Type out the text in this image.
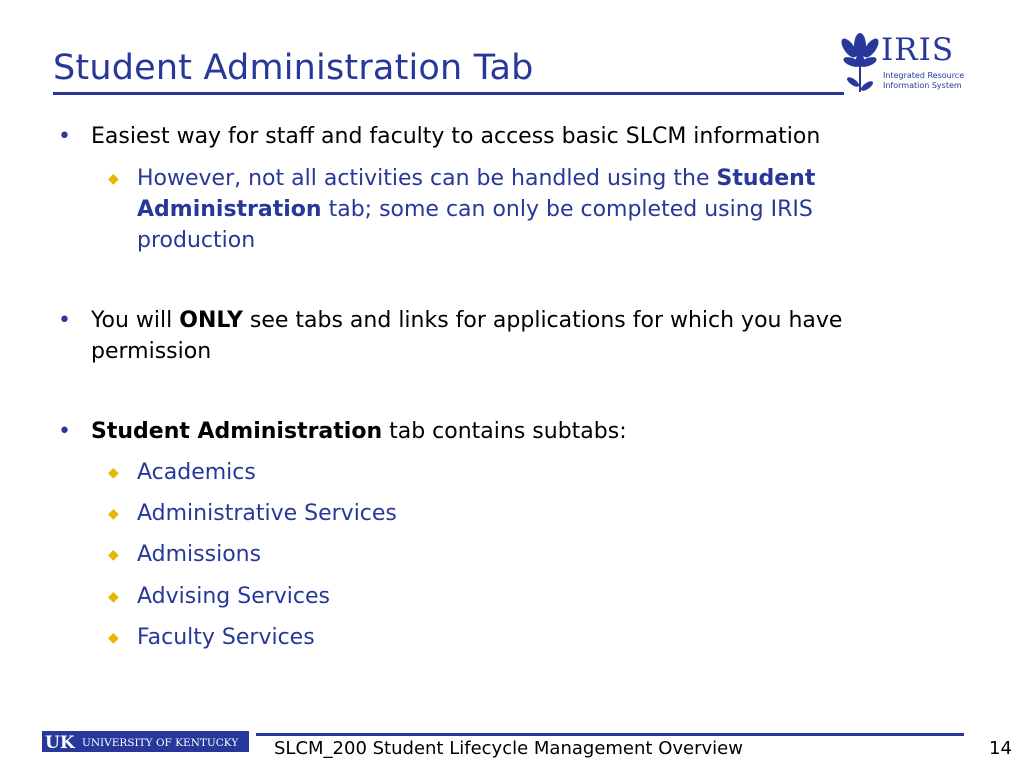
Student Administration Tab	IRIS
Integrated Resource
Information System
• Easiest way for staff and faculty to access basic SLCM information
◆ However, not all activities can be handled using the Student Administration tab; some can only be completed using IRIS production
• You will ONLY see tabs and links for applications for which you have permission
• Student Administration tab contains subtabs:
◆ Academics
◆ Administrative Services
◆ Admissions
◆ Advising Services
◆ Faculty Services
UK UNIVERSITY OF KENTUCKY SLCM_200 Student Lifecycle Management Overview	14
